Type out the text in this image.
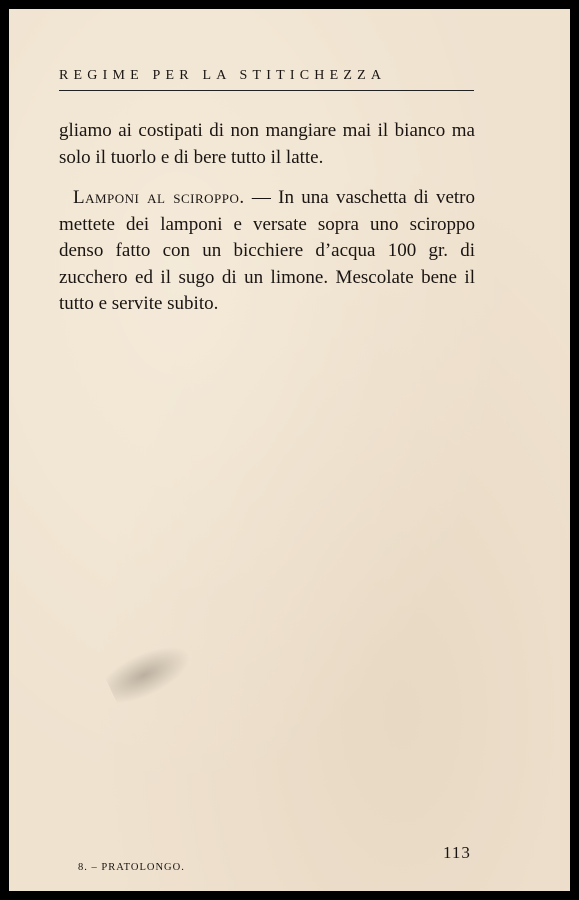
REGIME PER LA STITICHEZZA

gliamo ai costipati di non mangiare mai il bianco ma solo il tuorlo e di bere tutto il latte.

Lamponi al sciroppo. — In una vaschetta di vetro mettete dei lamponi e versate sopra uno sciroppo denso fatto con un bicchiere d’acqua 100 gr. di zucchero ed il sugo di un limone. Mescolate bene il tutto e servite subito.

113
8. – PRATOLONGO.
